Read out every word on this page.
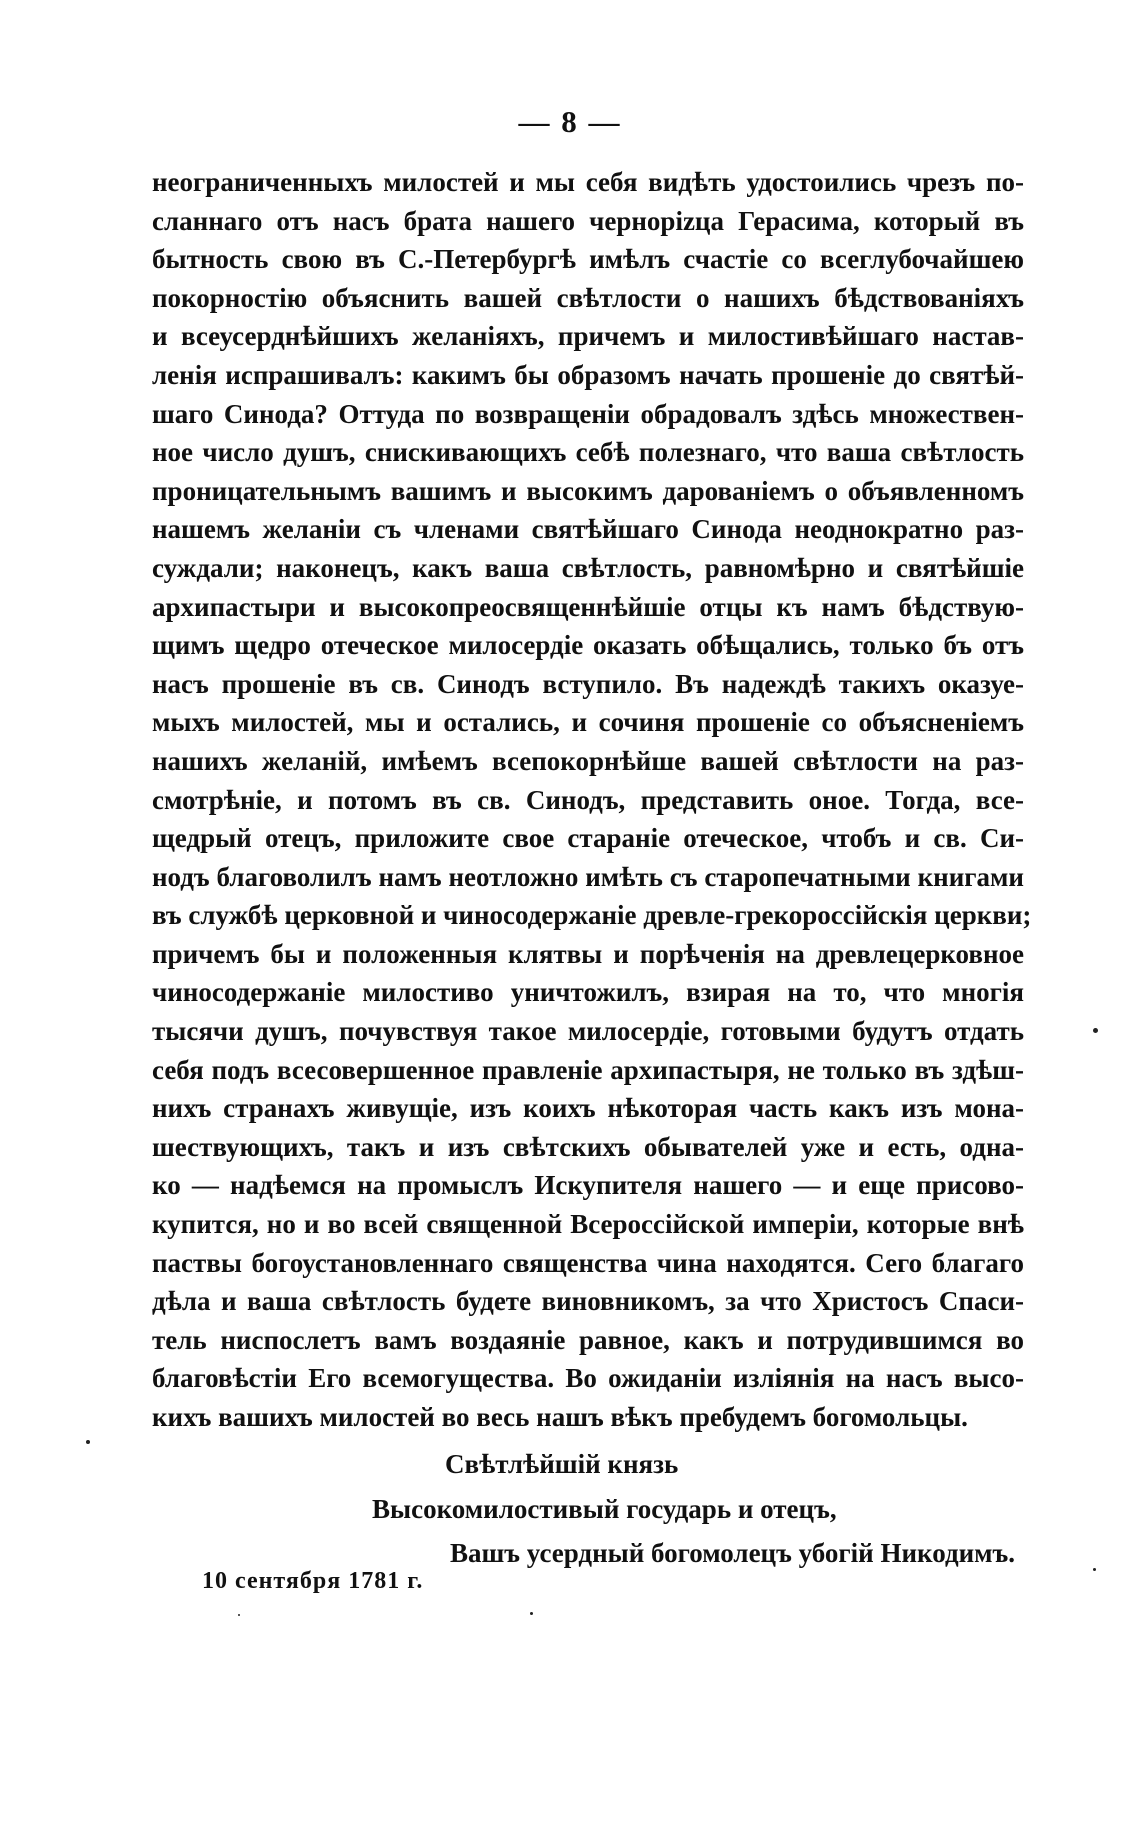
— 8 —
неограниченныхъ милостей и мы себя видѣть удостоились чрезъ по-
сланнаго отъ насъ брата нашего чернорizца Герасима, который въ
бытность свою въ С.-Петербургѣ имѣлъ счастіе со всеглубочайшею
покорностію объяснить вашей свѣтлости о нашихъ бѣдствованіяхъ
и всеусерднѣйшихъ желаніяхъ, причемъ и милостивѣйшаго настав-
ленія испрашивалъ: какимъ бы образомъ начать прошеніе до святѣй-
шаго Синода? Оттуда по возвращеніи обрадовалъ здѣсь множествен-
ное число душъ, снискивающихъ себѣ полезнаго, что ваша свѣтлость
проницательнымъ вашимъ и высокимъ дарованіемъ о объявленномъ
нашемъ желаніи съ членами святѣйшаго Синода неоднократно раз-
суждали; наконецъ, какъ ваша свѣтлость, равномѣрно и святѣйшіе
архипастыри и высокопреосвященнѣйшіе отцы къ намъ бѣдствую-
щимъ щедро отеческое милосердіе оказать обѣщались, только бъ отъ
насъ прошеніе въ св. Синодъ вступило. Въ надеждѣ такихъ оказуе-
мыхъ милостей, мы и остались, и сочиня прошеніе со объясненіемъ
нашихъ желаній, имѣемъ всепокорнѣйше вашей свѣтлости на раз-
смотрѣніе, и потомъ въ св. Синодъ, представить оное. Тогда, все-
щедрый отецъ, приложите свое стараніе отеческое, чтобъ и св. Си-
нодъ благоволилъ намъ неотложно имѣть съ старопечатными книгами
въ службѣ церковной и чиносодержаніе древле-грекороссійскія церкви;
причемъ бы и положенныя клятвы и порѣченія на древлецерковное
чиносодержаніе милостиво уничтожилъ, взирая на то, что многія
тысячи душъ, почувствуя такое милосердіе, готовыми будутъ отдать
себя подъ всесовершенное правленіе архипастыря, не только въ здѣш-
нихъ странахъ живущіе, изъ коихъ нѣкоторая часть какъ изъ мона-
шествующихъ, такъ и изъ свѣтскихъ обывателей уже и есть, одна-
ко — надѣемся на промыслъ Искупителя нашего — и еще присово-
купится, но и во всей священной Всероссійской имперіи, которые внѣ
паствы богоустановленнаго священства чина находятся. Сего благаго
дѣла и ваша свѣтлость будете виновникомъ, за что Христосъ Спаси-
тель ниспослетъ вамъ воздаяніе равное, какъ и потрудившимся во
благовѣстіи Его всемогущества. Во ожиданіи изліянія на насъ высо-
кихъ вашихъ милостей во весь нашъ вѣкъ пребудемъ богомольцы.
Свѣтлѣйшій князь
Высокомилостивый государь и отецъ,
Вашъ усердный богомолецъ убогій Никодимъ.
10 сентября 1781 г.
